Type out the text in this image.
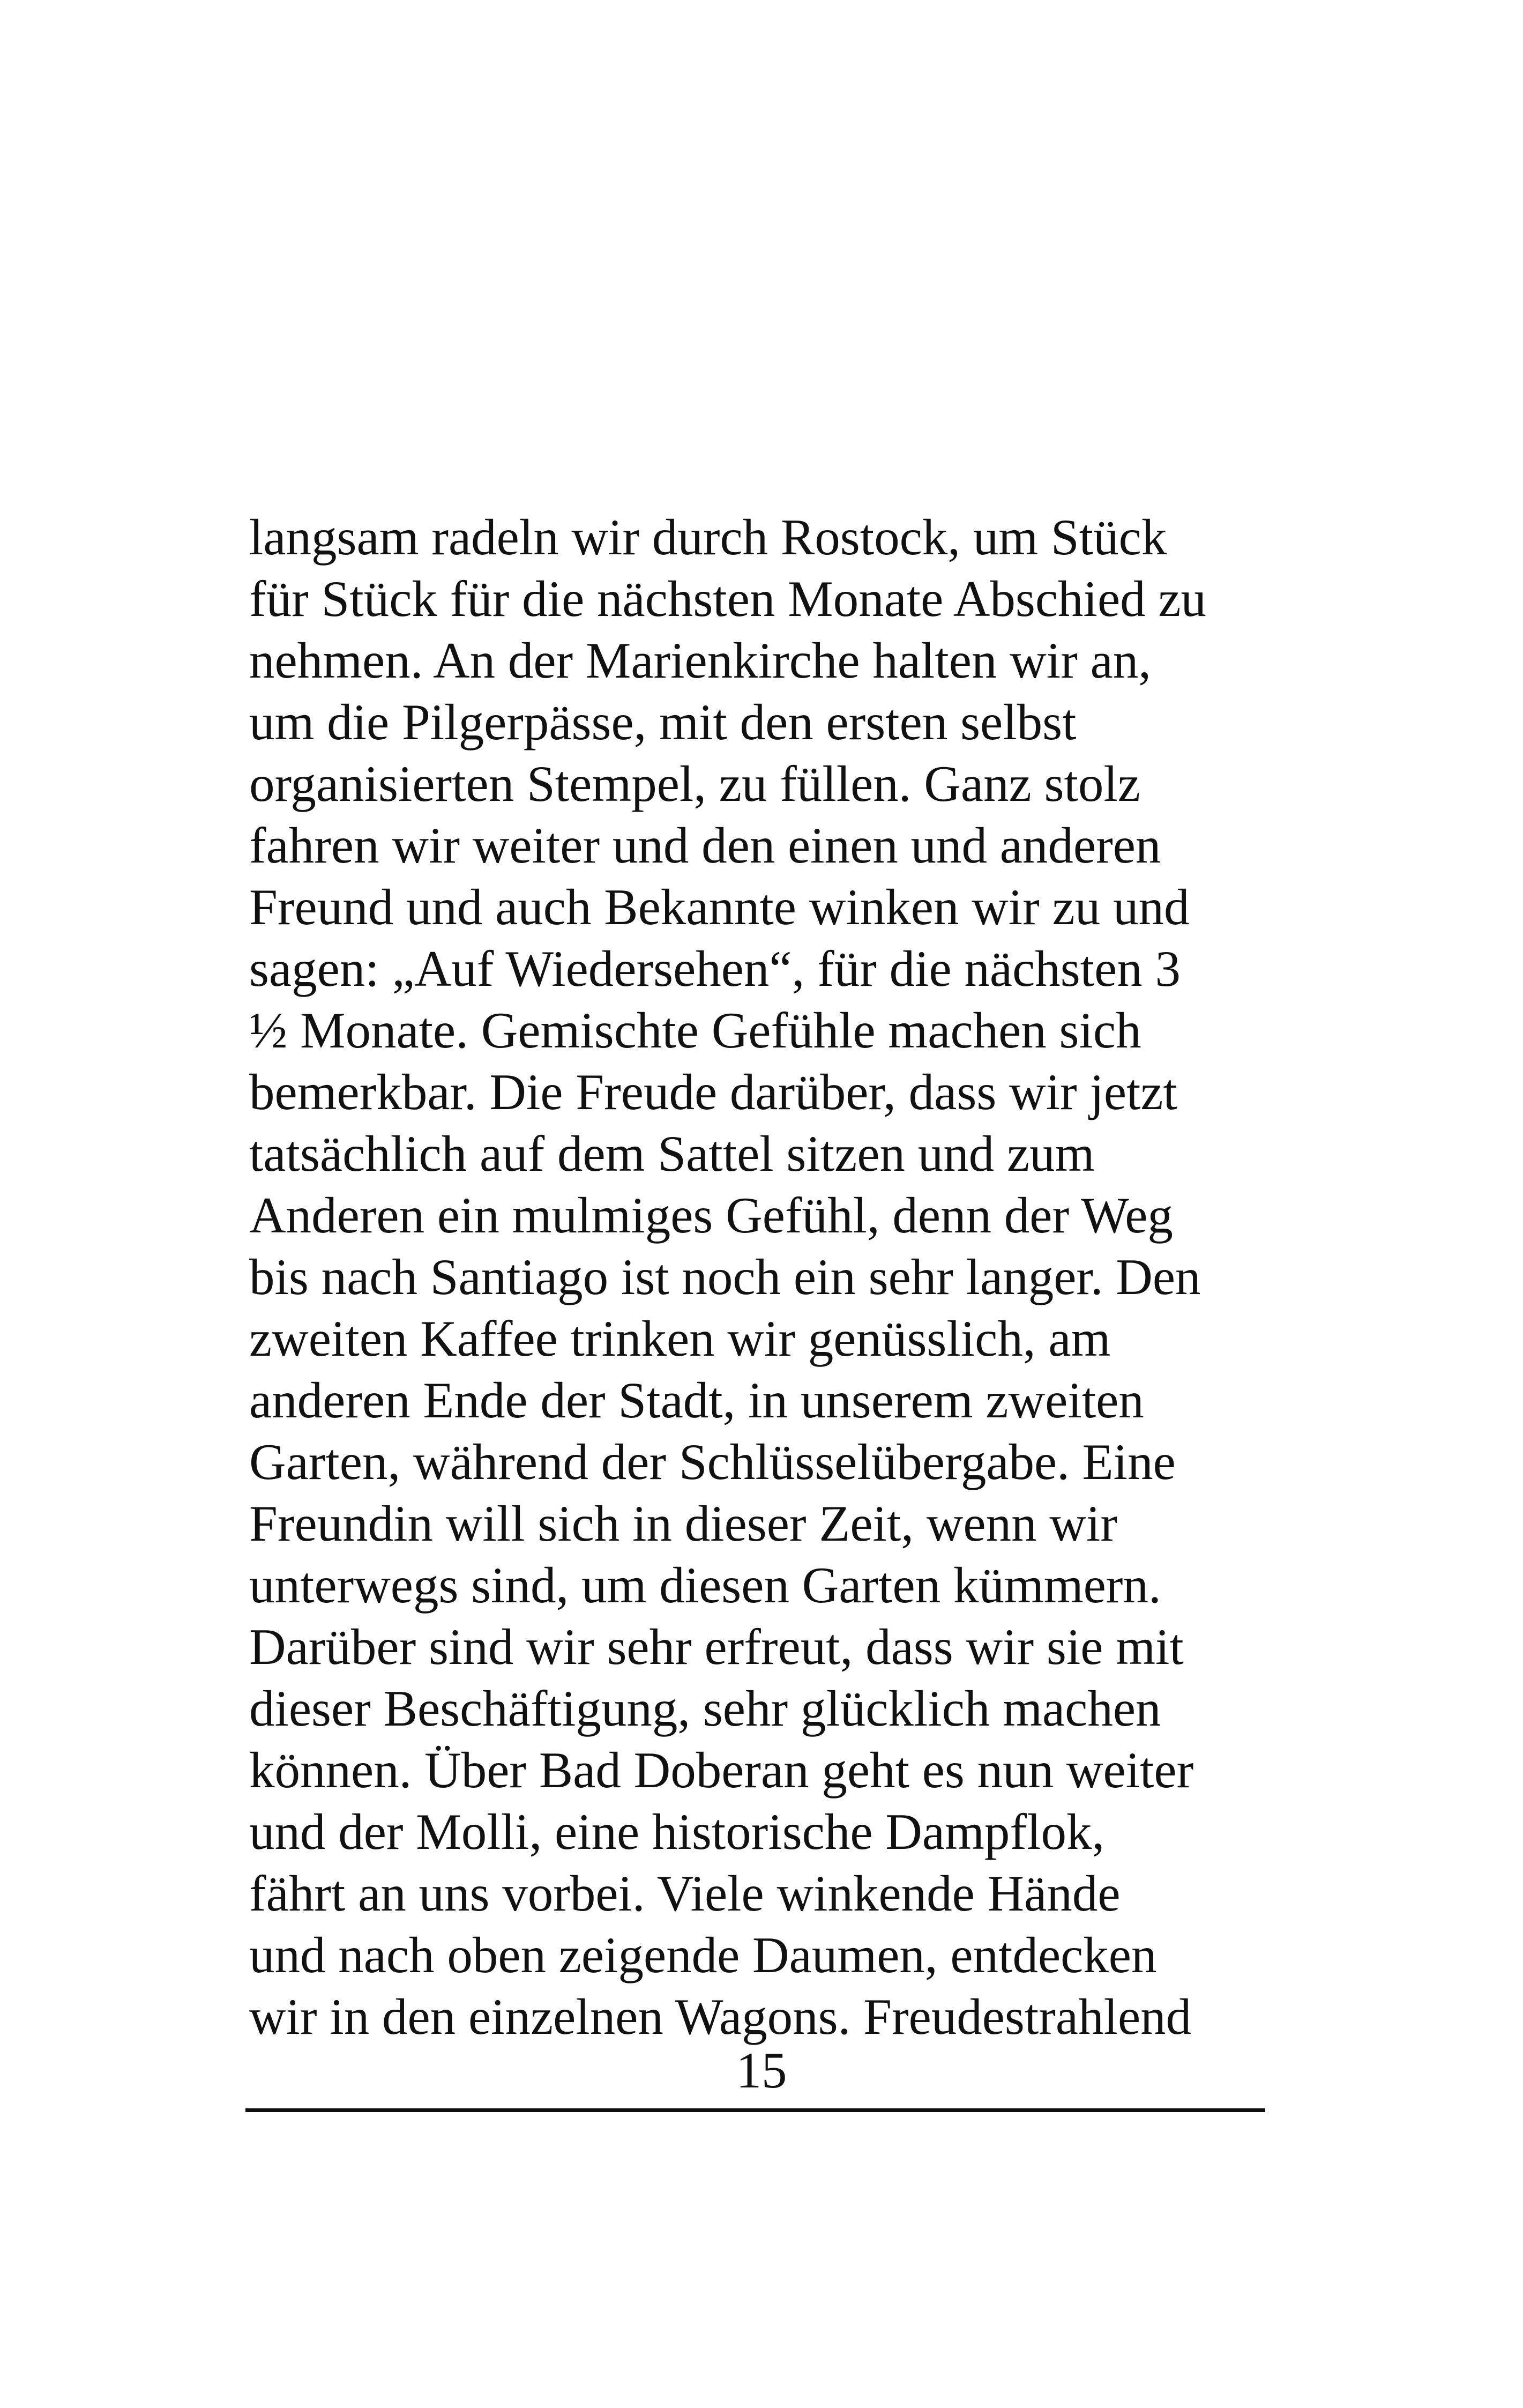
langsam radeln wir durch Rostock, um Stück
für Stück für die nächsten Monate Abschied zu
nehmen. An der Marienkirche halten wir an,
um die Pilgerpässe, mit den ersten selbst
organisierten Stempel, zu füllen. Ganz stolz
fahren wir weiter und den einen und anderen
Freund und auch Bekannte winken wir zu und
sagen: „Auf Wiedersehen“, für die nächsten 3
½ Monate. Gemischte Gefühle machen sich
bemerkbar. Die Freude darüber, dass wir jetzt
tatsächlich auf dem Sattel sitzen und zum
Anderen ein mulmiges Gefühl, denn der Weg
bis nach Santiago ist noch ein sehr langer. Den
zweiten Kaffee trinken wir genüsslich, am
anderen Ende der Stadt, in unserem zweiten
Garten, während der Schlüsselübergabe. Eine
Freundin will sich in dieser Zeit, wenn wir
unterwegs sind, um diesen Garten kümmern.
Darüber sind wir sehr erfreut, dass wir sie mit
dieser Beschäftigung, sehr glücklich machen
können. Über Bad Doberan geht es nun weiter
und der Molli, eine historische Dampflok,
fährt an uns vorbei. Viele winkende Hände
und nach oben zeigende Daumen, entdecken
wir in den einzelnen Wagons. Freudestrahlend
15
